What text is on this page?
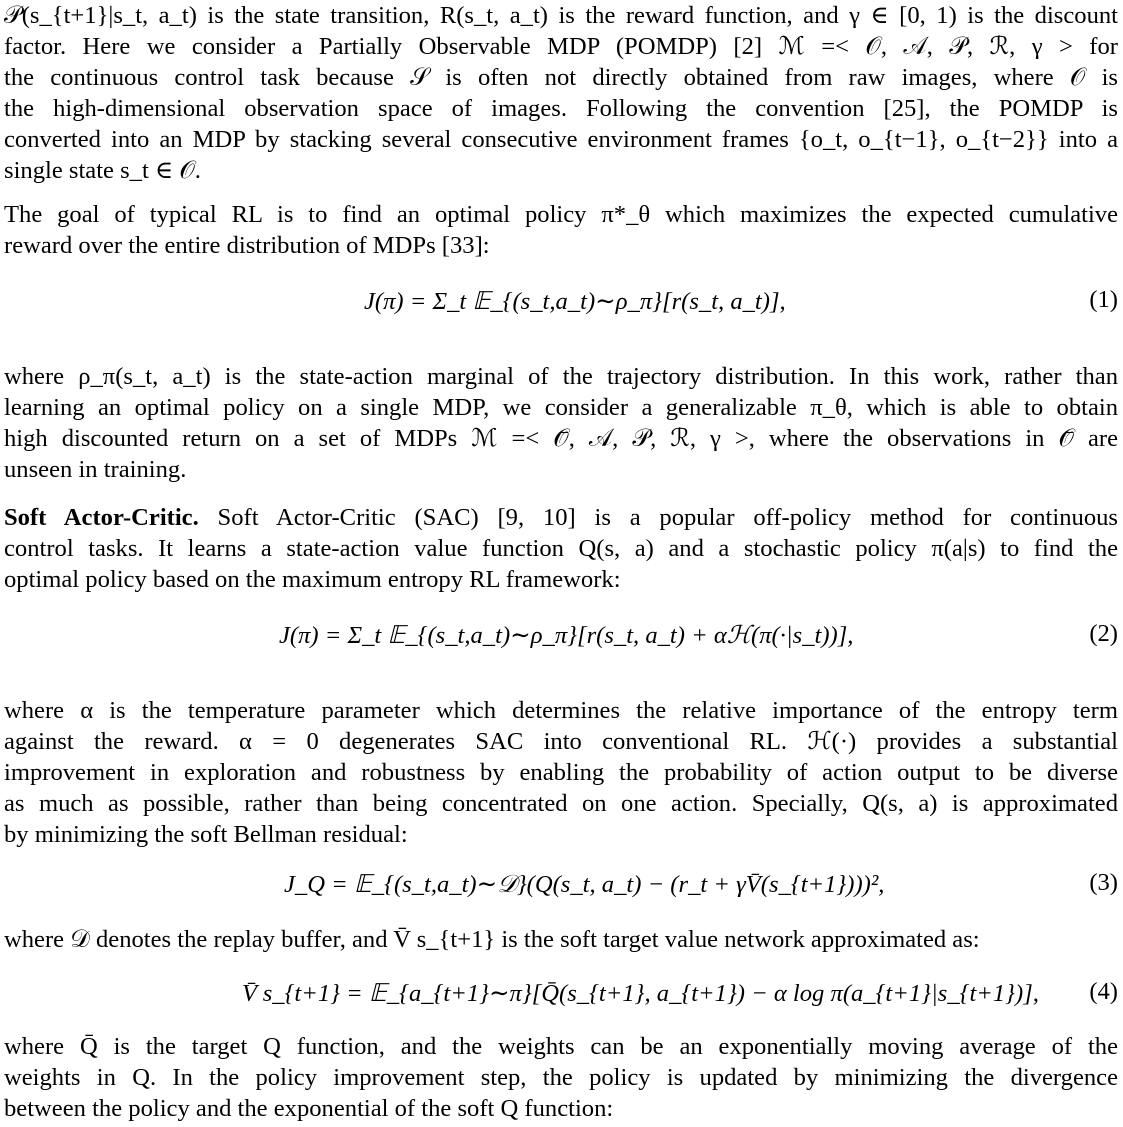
𝒫(s_{t+1}|s_t, a_t) is the state transition, R(s_t, a_t) is the reward function, and γ ∈ [0, 1) is the discount
factor. Here we consider a Partially Observable MDP (POMDP) [2] ℳ =< 𝒪, 𝒜, 𝒫, ℛ, γ > for
the continuous control task because 𝒮 is often not directly obtained from raw images, where 𝒪 is
the high-dimensional observation space of images. Following the convention [25], the POMDP is
converted into an MDP by stacking several consecutive environment frames {o_t, o_{t−1}, o_{t−2}} into a
single state s_t ∈ 𝒪.
The goal of typical RL is to find an optimal policy π*_θ which maximizes the expected cumulative
reward over the entire distribution of MDPs [33]:
J(π) = Σ_t 𝔼_{(s_t,a_t)∼ρ_π}[r(s_t, a_t)],	(1)
where ρ_π(s_t, a_t) is the state-action marginal of the trajectory distribution. In this work, rather than
learning an optimal policy on a single MDP, we consider a generalizable π_θ, which is able to obtain
high discounted return on a set of MDPs ℳ =< 𝒪̄, 𝒜, 𝒫, ℛ, γ >, where the observations in 𝒪̄ are
unseen in training.
Soft Actor-Critic. Soft Actor-Critic (SAC) [9, 10] is a popular off-policy method for continuous
control tasks. It learns a state-action value function Q(s, a) and a stochastic policy π(a|s) to find the
optimal policy based on the maximum entropy RL framework:
J(π) = Σ_t 𝔼_{(s_t,a_t)∼ρ_π}[r(s_t, a_t) + αℋ(π(·|s_t))],	(2)
where α is the temperature parameter which determines the relative importance of the entropy term
against the reward. α = 0 degenerates SAC into conventional RL. ℋ(·) provides a substantial
improvement in exploration and robustness by enabling the probability of action output to be diverse
as much as possible, rather than being concentrated on one action. Specially, Q(s, a) is approximated
by minimizing the soft Bellman residual:
J_Q = 𝔼_{(s_t,a_t)∼𝒟}(Q(s_t, a_t) − (r_t + γV̄(s_{t+1})))²,	(3)
where 𝒟 denotes the replay buffer, and V̄ s_{t+1} is the soft target value network approximated as:
V̄ s_{t+1} = 𝔼_{a_{t+1}∼π}[Q̄(s_{t+1}, a_{t+1}) − α log π(a_{t+1}|s_{t+1})], (4)
where Q̄ is the target Q function, and the weights can be an exponentially moving average of the
weights in Q. In the policy improvement step, the policy is updated by minimizing the divergence
between the policy and the exponential of the soft Q function:
